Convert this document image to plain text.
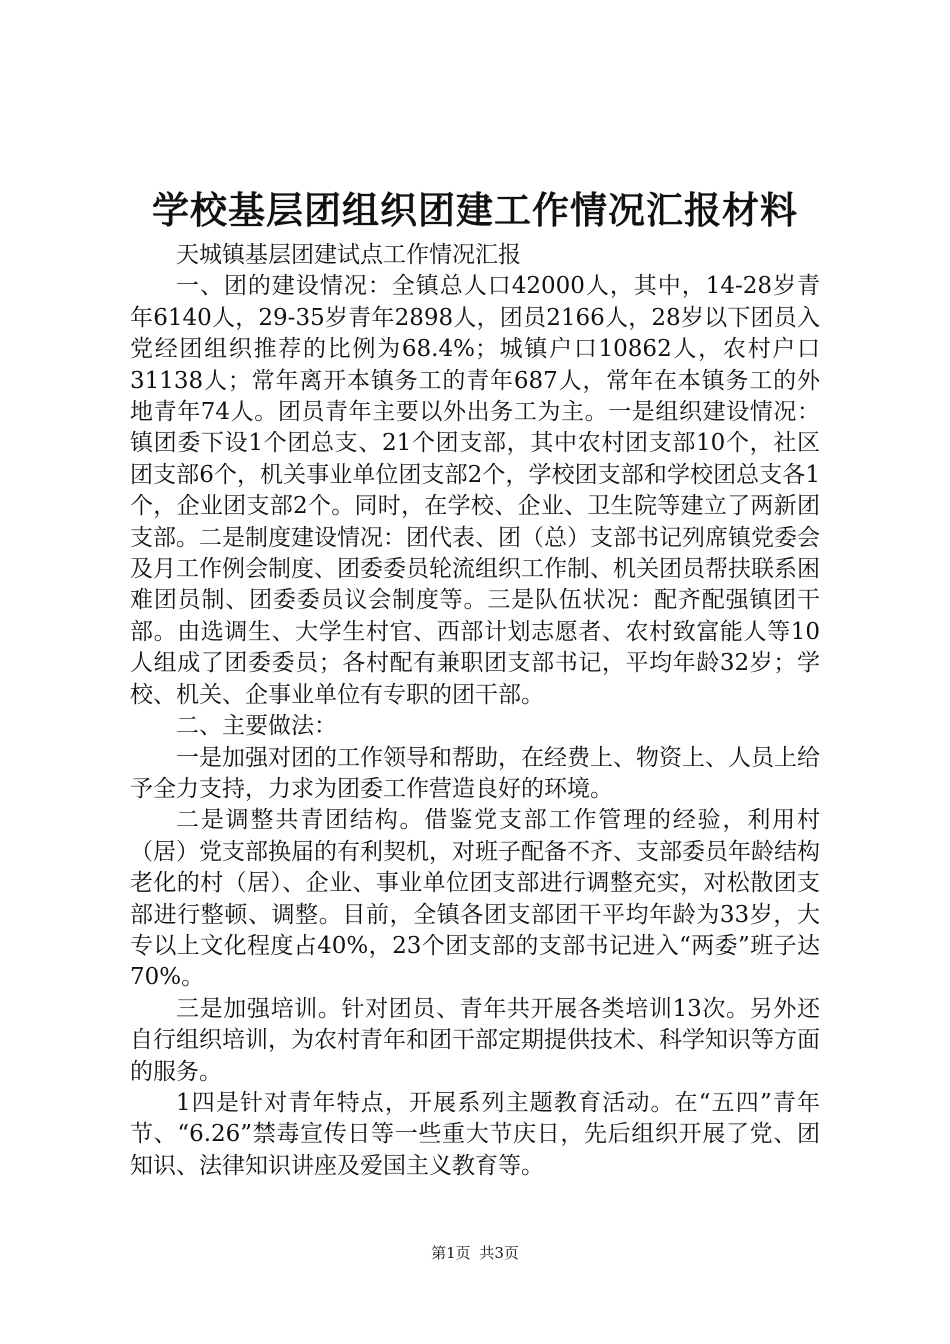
学校基层团组织团建工作情况汇报材料

天城镇基层团建试点工作情况汇报

一、团的建设情况：全镇总人口42000人，其中，14-28岁青年6140人，29-35岁青年2898人，团员2166人，28岁以下团员入党经团组织推荐的比例为68.4%；城镇户口10862人，农村户口31138人；常年离开本镇务工的青年687人，常年在本镇务工的外地青年74人。团员青年主要以外出务工为主。一是组织建设情况：镇团委下设1个团总支、21个团支部，其中农村团支部10个，社区团支部6个，机关事业单位团支部2个，学校团支部和学校团总支各1个，企业团支部2个。同时，在学校、企业、卫生院等建立了两新团支部。二是制度建设情况：团代表、团（总）支部书记列席镇党委会及月工作例会制度、团委委员轮流组织工作制、机关团员帮扶联系困难团员制、团委委员议会制度等。三是队伍状况：配齐配强镇团干部。由选调生、大学生村官、西部计划志愿者、农村致富能人等10人组成了团委委员；各村配有兼职团支部书记，平均年龄32岁；学校、机关、企事业单位有专职的团干部。

二、主要做法：

一是加强对团的工作领导和帮助，在经费上、物资上、人员上给予全力支持，力求为团委工作营造良好的环境。

二是调整共青团结构。借鉴党支部工作管理的经验，利用村（居）党支部换届的有利契机，对班子配备不齐、支部委员年龄结构老化的村（居）、企业、事业单位团支部进行调整充实，对松散团支部进行整顿、调整。目前，全镇各团支部团干平均年龄为33岁，大专以上文化程度占40%，23个团支部的支部书记进入“两委”班子达70%。

三是加强培训。针对团员、青年共开展各类培训13次。另外还自行组织培训，为农村青年和团干部定期提供技术、科学知识等方面的服务。

1四是针对青年特点，开展系列主题教育活动。在“五四”青年节、“6.26”禁毒宣传日等一些重大节庆日，先后组织开展了党、团知识、法律知识讲座及爱国主义教育等。

第1页 共3页
